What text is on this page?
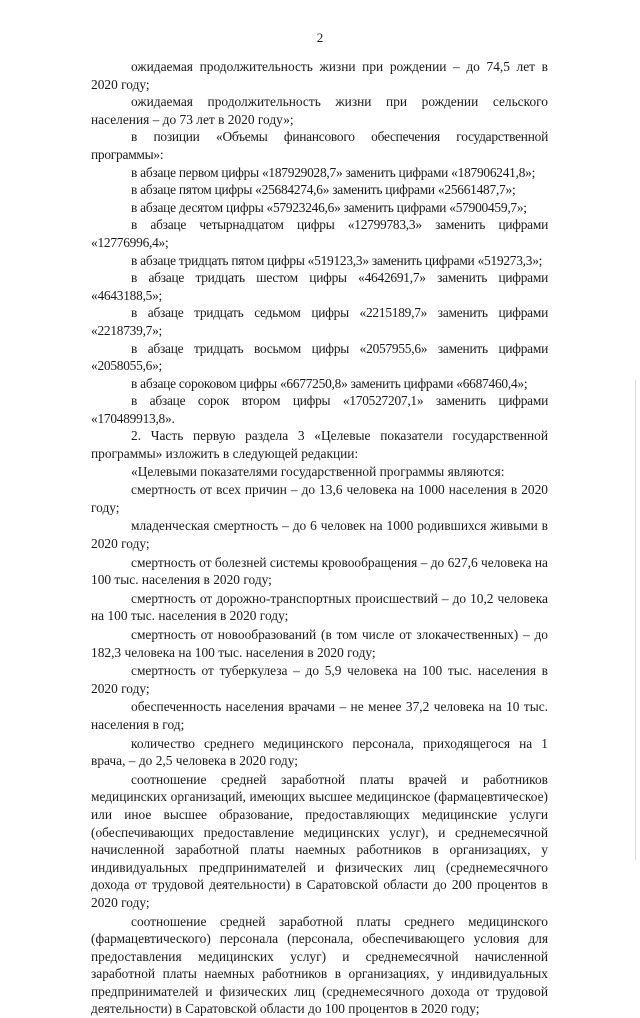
2

ожидаемая продолжительность жизни при рождении – до 74,5 лет в 2020 году;

ожидаемая продолжительность жизни при рождении сельского населения – до 73 лет в 2020 году»;

в позиции «Объемы финансового обеспечения государственной программы»:

в абзаце первом цифры «187929028,7» заменить цифрами «187906241,8»;

в абзаце пятом цифры «25684274,6» заменить цифрами «25661487,7»;

в абзаце десятом цифры «57923246,6» заменить цифрами «57900459,7»;

в абзаце четырнадцатом цифры «12799783,3» заменить цифрами «12776996,4»;

в абзаце тридцать пятом цифры «519123,3» заменить цифрами «519273,3»;

в абзаце тридцать шестом цифры «4642691,7» заменить цифрами «4643188,5»;

в абзаце тридцать седьмом цифры «2215189,7» заменить цифрами «2218739,7»;

в абзаце тридцать восьмом цифры «2057955,6» заменить цифрами «2058055,6»;

в абзаце сороковом цифры «6677250,8» заменить цифрами «6687460,4»;

в абзаце сорок втором цифры «170527207,1» заменить цифрами «170489913,8».

2. Часть первую раздела 3 «Целевые показатели государственной программы» изложить в следующей редакции:

«Целевыми показателями государственной программы являются:

смертность от всех причин – до 13,6 человека на 1000 населения в 2020 году;

младенческая смертность – до 6 человек на 1000 родившихся живыми в 2020 году;

смертность от болезней системы кровообращения – до 627,6 человека на 100 тыс. населения в 2020 году;

смертность от дорожно-транспортных происшествий – до 10,2 человека на 100 тыс. населения в 2020 году;

смертность от новообразований (в том числе от злокачественных) – до 182,3 человека на 100 тыс. населения в 2020 году;

смертность от туберкулеза – до 5,9 человека на 100 тыс. населения в 2020 году;

обеспеченность населения врачами – не менее 37,2 человека на 10 тыс. населения в год;

количество среднего медицинского персонала, приходящегося на 1 врача, – до 2,5 человека в 2020 году;

соотношение средней заработной платы врачей и работников медицинских организаций, имеющих высшее медицинское (фармацевтическое) или иное высшее образование, предоставляющих медицинские услуги (обеспечивающих предоставление медицинских услуг), и среднемесячной начисленной заработной платы наемных работников в организациях, у индивидуальных предпринимателей и физических лиц (среднемесячного дохода от трудовой деятельности) в Саратовской области до 200 процентов в 2020 году;

соотношение средней заработной платы среднего медицинского (фармацевтического) персонала (персонала, обеспечивающего условия для предоставления медицинских услуг) и среднемесячной начисленной заработной платы наемных работников в организациях, у индивидуальных предпринимателей и физических лиц (среднемесячного дохода от трудовой деятельности) в Саратовской области до 100 процентов в 2020 году;
